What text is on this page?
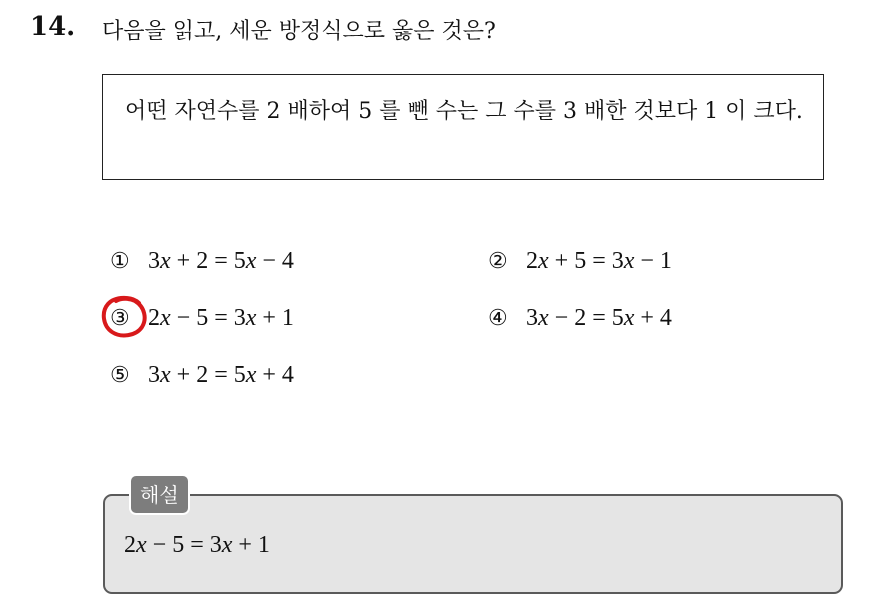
14. 다음을 읽고, 세운 방정식으로 옳은 것은?
어떤 자연수를 2 배하여 5 를 뺀 수는 그 수를 3 배한 것보다 1 이 크다.
① 3x + 2 = 5x − 4	② 2x + 5 = 3x − 1
③ 2x − 5 = 3x + 1	④ 3x − 2 = 5x + 4
⑤ 3x + 2 = 5x + 4
해설
2x − 5 = 3x + 1
